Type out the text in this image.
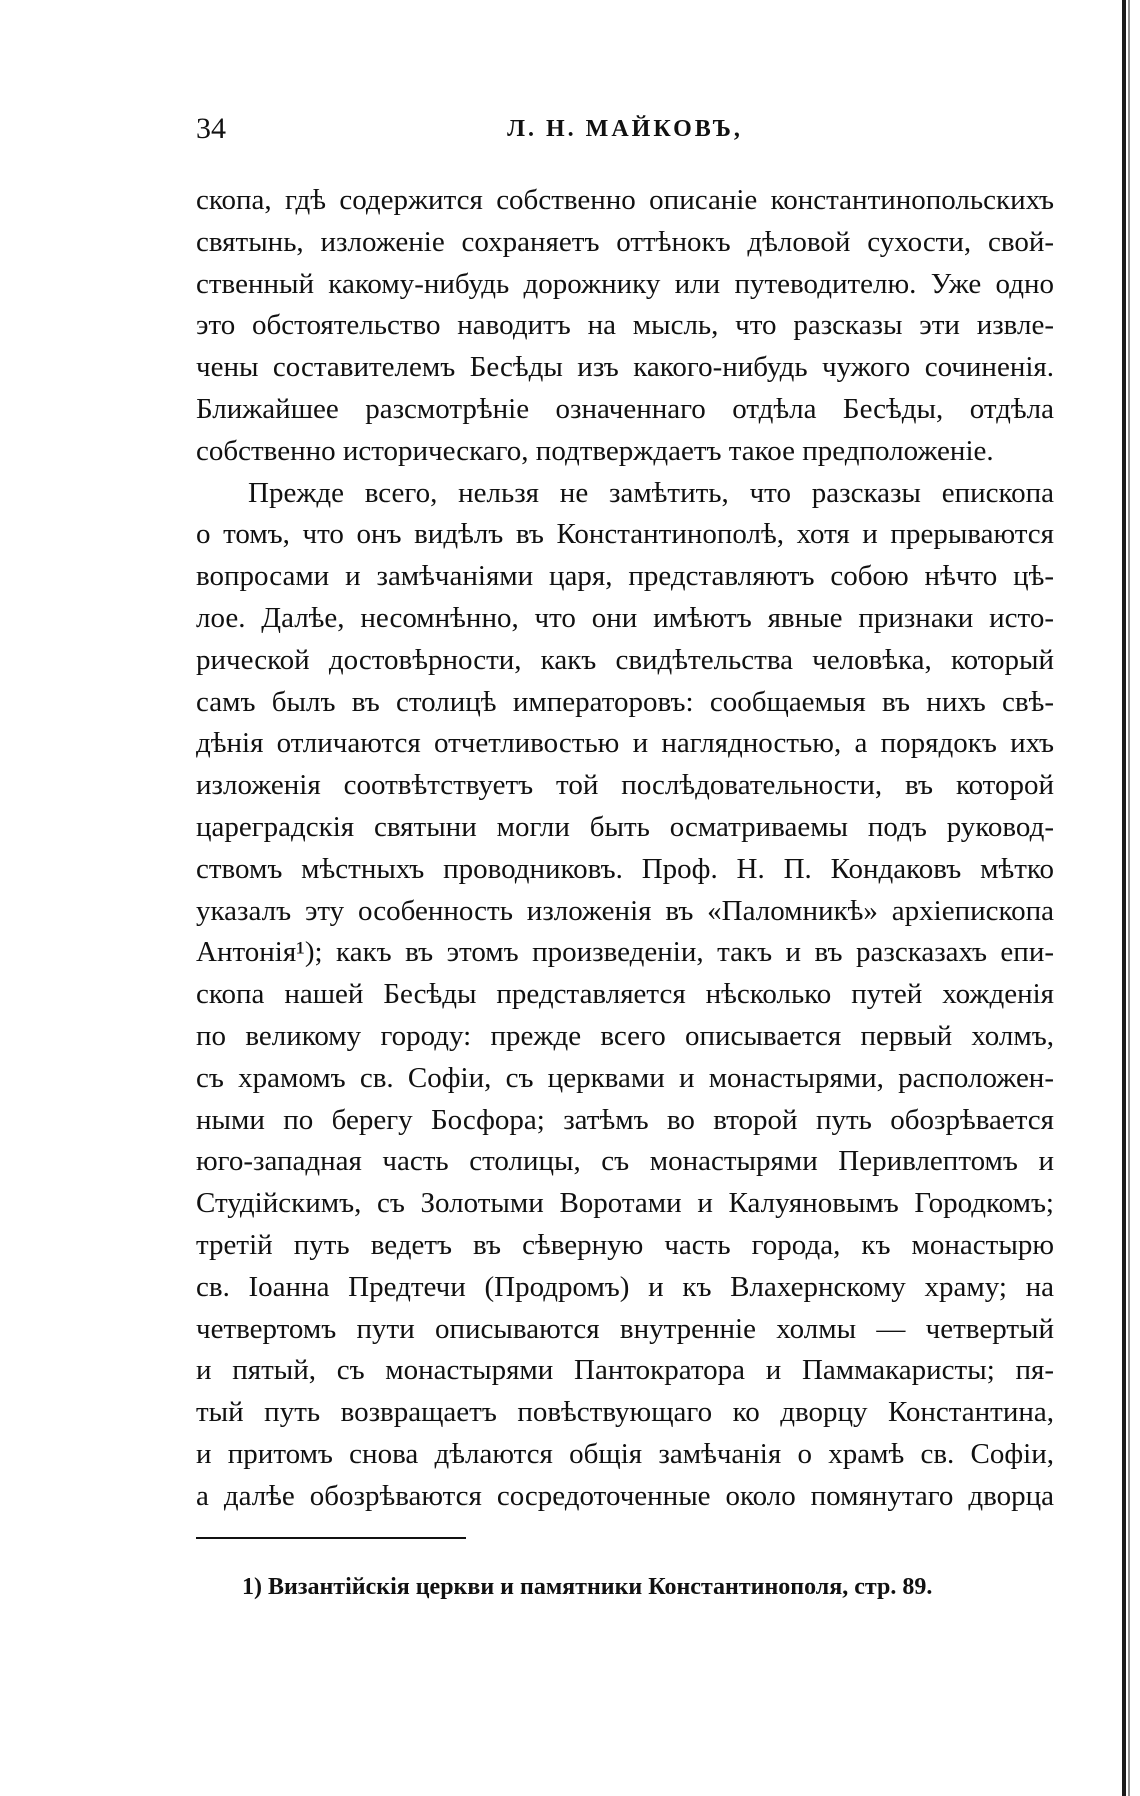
34	Л. Н. МАЙКОВЪ,
скопа, гдѣ содержится собственно описаніе константинопольскихъ
святынь, изложеніе сохраняетъ оттѣнокъ дѣловой сухости, свой-
ственный какому-нибудь дорожнику или путеводителю. Уже одно
это обстоятельство наводитъ на мысль, что разсказы эти извле-
чены составителемъ Бесѣды изъ какого-нибудь чужого сочиненія.
Ближайшее разсмотрѣніе означеннаго отдѣла Бесѣды, отдѣла
собственно историческаго, подтверждаетъ такое предположеніе.
Прежде всего, нельзя не замѣтить, что разсказы епископа
о томъ, что онъ видѣлъ въ Константинополѣ, хотя и прерываются
вопросами и замѣчаніями царя, представляютъ собою нѣчто цѣ-
лое. Далѣе, несомнѣнно, что они имѣютъ явные признаки исто-
рической достовѣрности, какъ свидѣтельства человѣка, который
самъ былъ въ столицѣ императоровъ: сообщаемыя въ нихъ свѣ-
дѣнія отличаются отчетливостью и наглядностью, а порядокъ ихъ
изложенія соотвѣтствуетъ той послѣдовательности, въ которой
цареградскія святыни могли быть осматриваемы подъ руковод-
ствомъ мѣстныхъ проводниковъ. Проф. Н. П. Кондаковъ мѣтко
указалъ эту особенность изложенія въ «Паломникѣ» архіепископа
Антонія¹); какъ въ этомъ произведеніи, такъ и въ разсказахъ епи-
скопа нашей Бесѣды представляется нѣсколько путей хожденія
по великому городу: прежде всего описывается первый холмъ,
съ храмомъ св. Софіи, съ церквами и монастырями, расположен-
ными по берегу Босфора; затѣмъ во второй путь обозрѣвается
юго-западная часть столицы, съ монастырями Перивлептомъ и
Студійскимъ, съ Золотыми Воротами и Калуяновымъ Городкомъ;
третій путь ведетъ въ сѣверную часть города, къ монастырю
св. Іоанна Предтечи (Продромъ) и къ Влахернскому храму; на
четвертомъ пути описываются внутренніе холмы — четвертый
и пятый, съ монастырями Пантократора и Паммакаристы; пя-
тый путь возвращаетъ повѣствующаго ко дворцу Константина,
и притомъ снова дѣлаются общія замѣчанія о храмѣ св. Софіи,
а далѣе обозрѣваются сосредоточенные около помянутаго дворца
1) Византійскія церкви и памятники Константинополя, стр. 89.
